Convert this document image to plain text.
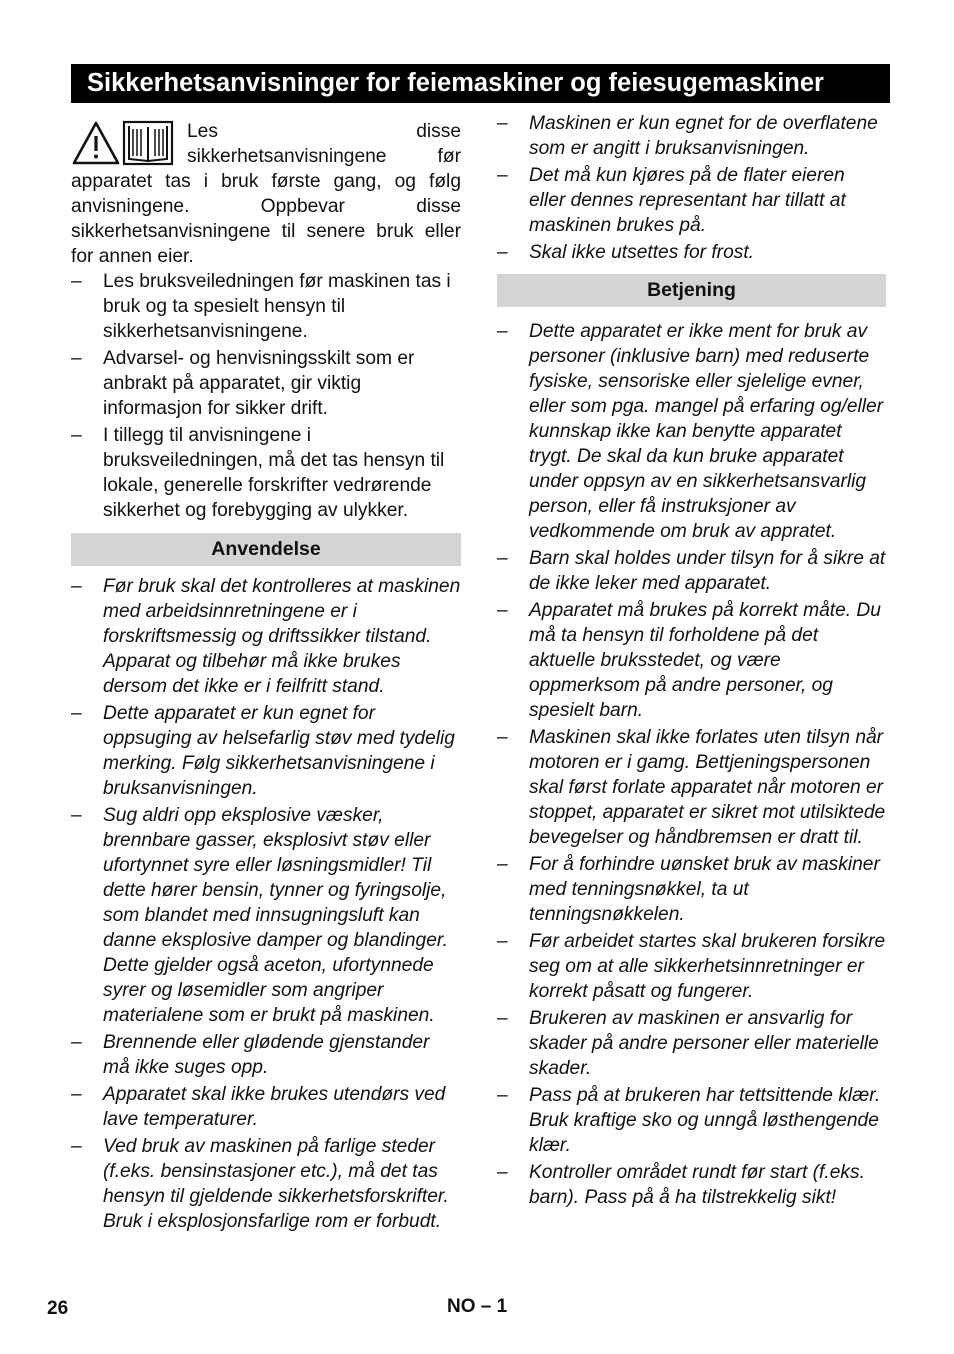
Sikkerhetsanvisninger for feiemaskiner og feiesugemaskiner
Les disse sikkerhetsanvisningene før apparatet tas i bruk første gang, og følg anvisningene. Oppbevar disse sikkerhetsanvisningene til senere bruk eller for annen eier.
–	Les bruksveiledningen før maskinen tas i bruk og ta spesielt hensyn til sikkerhetsanvisningene.
–	Advarsel- og henvisningsskilt som er anbrakt på apparatet, gir viktig informasjon for sikker drift.
–	I tillegg til anvisningene i bruksveiledningen, må det tas hensyn til lokale, generelle forskrifter vedrørende sikkerhet og forebygging av ulykker.
Anvendelse
–	Før bruk skal det kontrolleres at maskinen med arbeidsinnretningene er i forskriftsmessig og driftssikker tilstand. Apparat og tilbehør må ikke brukes dersom det ikke er i feilfritt stand.
–	Dette apparatet er kun egnet for oppsuging av helsefarlig støv med tydelig merking. Følg sikkerhetsanvisningene i bruksanvisningen.
–	Sug aldri opp eksplosive væsker, brennbare gasser, eksplosivt støv eller ufortynnet syre eller løsningsmidler! Til dette hører bensin, tynner og fyringsolje, som blandet med innsugningsluft kan danne eksplosive damper og blandinger. Dette gjelder også aceton, ufortynnede syrer og løsemidler som angriper materialene som er brukt på maskinen.
–	Brennende eller glødende gjenstander må ikke suges opp.
–	Apparatet skal ikke brukes utendørs ved lave temperaturer.
–	Ved bruk av maskinen på farlige steder (f.eks. bensinstasjoner etc.), må det tas hensyn til gjeldende sikkerhetsforskrifter. Bruk i eksplosjonsfarlige rom er forbudt.
–	Maskinen er kun egnet for de overflatene som er angitt i bruksanvisningen.
–	Det må kun kjøres på de flater eieren eller dennes representant har tillatt at maskinen brukes på.
–	Skal ikke utsettes for frost.
Betjening
–	Dette apparatet er ikke ment for bruk av personer (inklusive barn) med reduserte fysiske, sensoriske eller sjelelige evner, eller som pga. mangel på erfaring og/eller kunnskap ikke kan benytte apparatet trygt. De skal da kun bruke apparatet under oppsyn av en sikkerhetsansvarlig person, eller få instruksjoner av vedkommende om bruk av appratet.
–	Barn skal holdes under tilsyn for å sikre at de ikke leker med apparatet.
–	Apparatet må brukes på korrekt måte. Du må ta hensyn til forholdene på det aktuelle bruksstedet, og være oppmerksom på andre personer, og spesielt barn.
–	Maskinen skal ikke forlates uten tilsyn når motoren er i gamg. Bettjeningspersonen skal først forlate apparatet når motoren er stoppet, apparatet er sikret mot utilsiktede bevegelser og håndbremsen er dratt til.
–	For å forhindre uønsket bruk av maskiner med tenningsnøkkel, ta ut tenningsnøkkelen.
–	Før arbeidet startes skal brukeren forsikre seg om at alle sikkerhetsinnretninger er korrekt påsatt og fungerer.
–	Brukeren av maskinen er ansvarlig for skader på andre personer eller materielle skader.
–	Pass på at brukeren har tettsittende klær. Bruk kraftige sko og unngå løsthengende klær.
–	Kontroller området rundt før start (f.eks. barn). Pass på å ha tilstrekkelig sikt!
26	NO – 1
